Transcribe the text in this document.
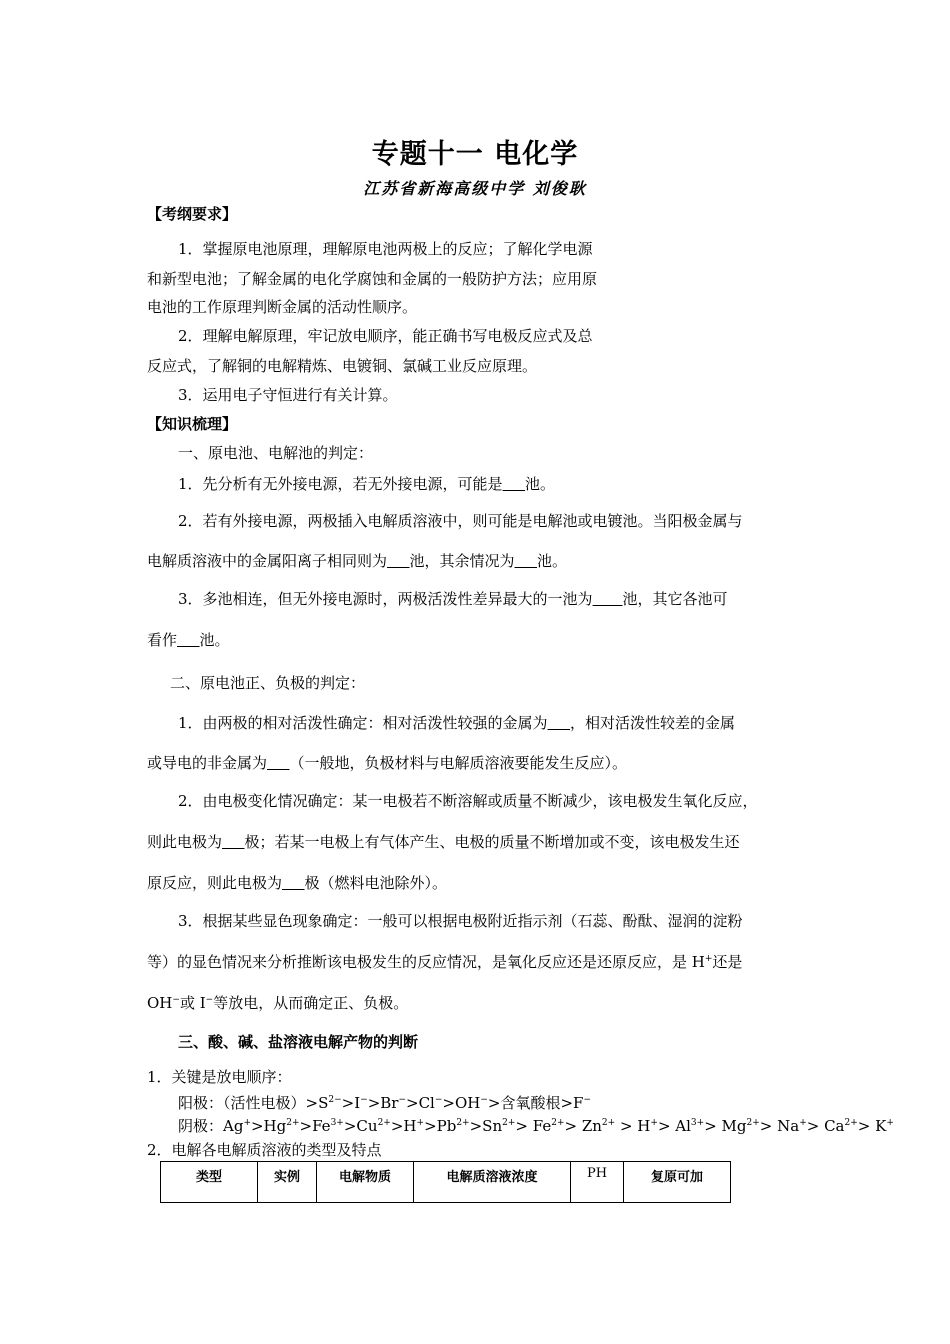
专题十一 电化学
江苏省新海高级中学 刘俊耿
【考纲要求】
1．掌握原电池原理，理解原电池两极上的反应；了解化学电源
和新型电池；了解金属的电化学腐蚀和金属的一般防护方法；应用原
电池的工作原理判断金属的活动性顺序。
2．理解电解原理，牢记放电顺序，能正确书写电极反应式及总
反应式，了解铜的电解精炼、电镀铜、氯碱工业反应原理。
3．运用电子守恒进行有关计算。
【知识梳理】
一、原电池、电解池的判定：
1．先分析有无外接电源，若无外接电源，可能是   池。
2．若有外接电源，两极插入电解质溶液中，则可能是电解池或电镀池。当阳极金属与
电解质溶液中的金属阳离子相同则为   池，其余情况为   池。
3．多池相连，但无外接电源时，两极活泼性差异最大的一池为   池，其它各池可
看作   池。
二、原电池正、负极的判定：
1．由两极的相对活泼性确定：相对活泼性较强的金属为   ，相对活泼性较差的金属
或导电的非金属为   （一般地，负极材料与电解质溶液要能发生反应）。
2．由电极变化情况确定：某一电极若不断溶解或质量不断减少，该电极发生氧化反应，
则此电极为   极；若某一电极上有气体产生、电极的质量不断增加或不变，该电极发生还
原反应，则此电极为   极（燃料电池除外）。
3．根据某些显色现象确定：一般可以根据电极附近指示剂（石蕊、酚酞、湿润的淀粉
等）的显色情况来分析推断该电极发生的反应情况，是氧化反应还是还原反应，是 H+还是
OH−或 I−等放电，从而确定正、负极。
三、酸、碱、盐溶液电解产物的判断
1．关键是放电顺序：
阳极：（活性电极）$>S^{2-}>I^->Br^->Cl^->OH^->$含氧酸根>F−
阴极：$Ag^+>Hg^{2+}>Fe^{3+}>Cu^{2+}>H^+>Pb^{2+}>Sn^{2+}> Fe^{2+}> Zn^{2+} > H^+> Al^{3+}> Mg^{2+}> Na^+> Ca^{2+}> K^+$
2．电解各电解质溶液的类型及特点
类型	实例	电解物质	电解质溶液浓度	PH	复原可加
